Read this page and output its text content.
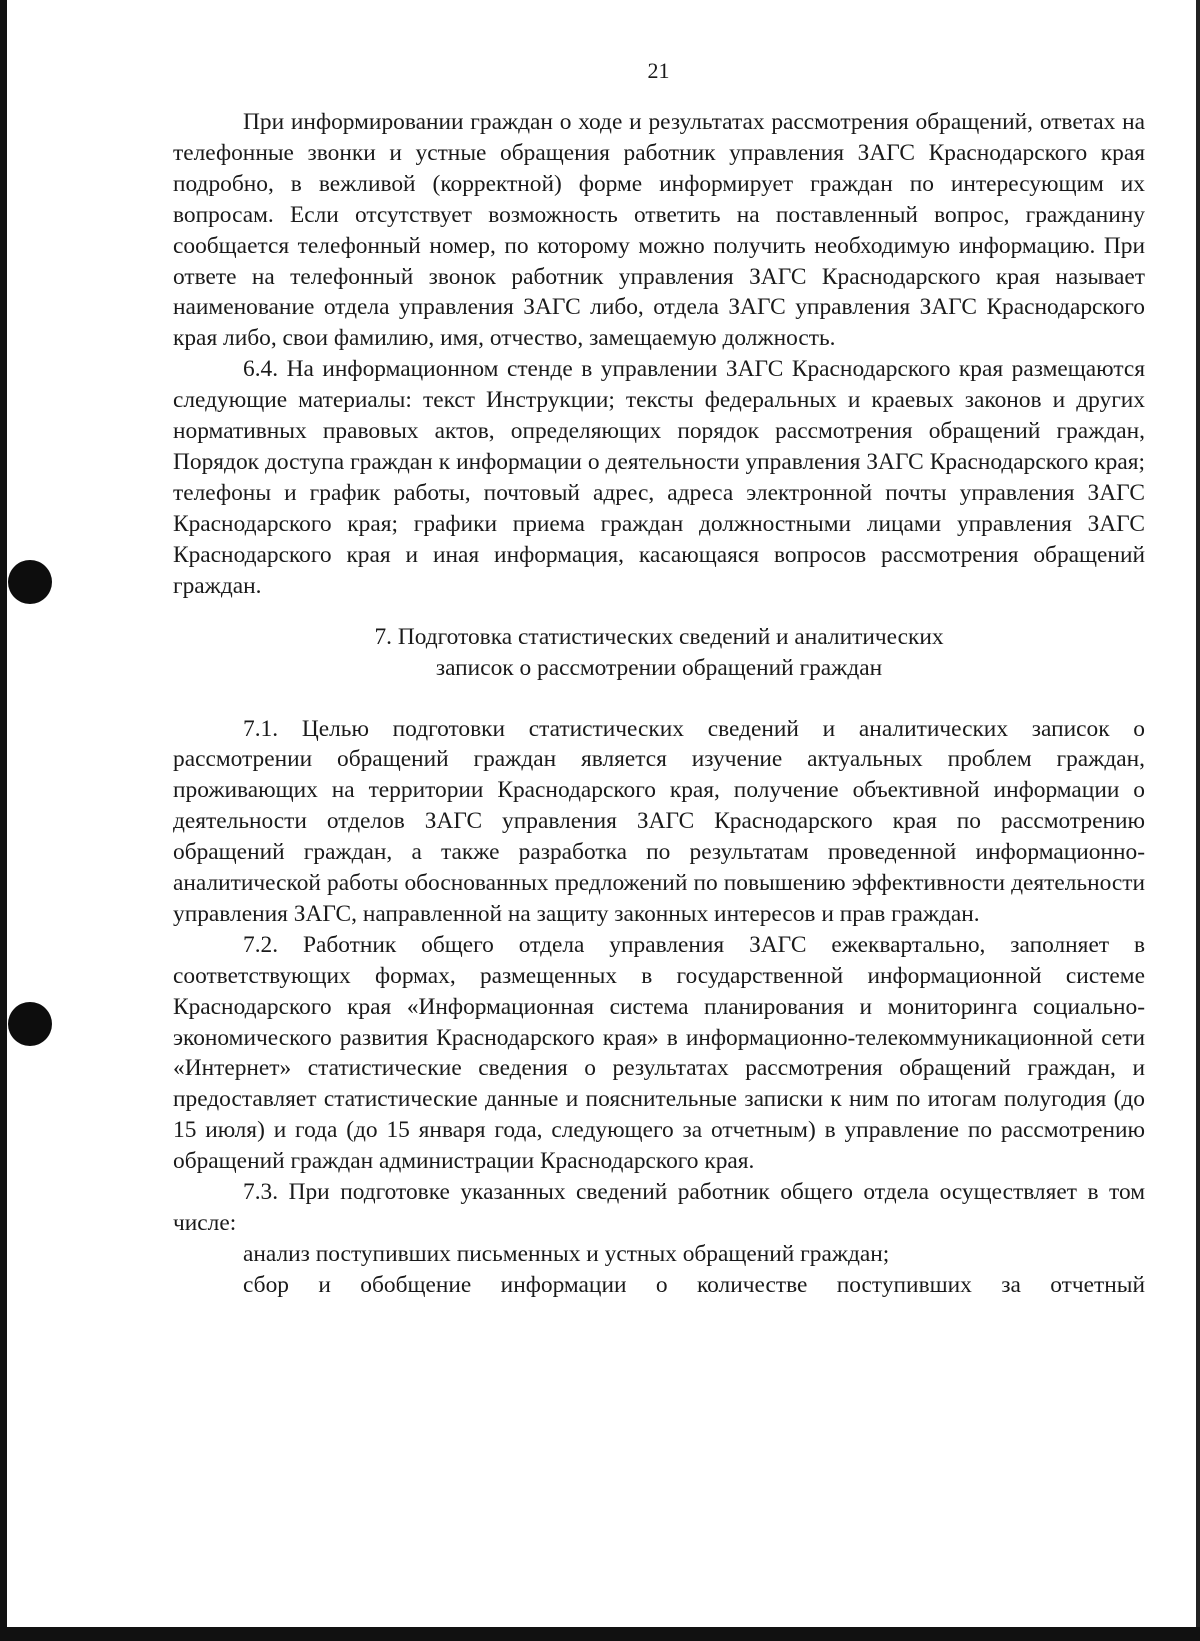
21

При информировании граждан о ходе и результатах рассмотрения обращений, ответах на телефонные звонки и устные обращения работник управления ЗАГС Краснодарского края подробно, в вежливой (корректной) форме информирует граждан по интересующим их вопросам. Если отсутствует возможность ответить на поставленный вопрос, гражданину сообщается телефонный номер, по которому можно получить необходимую информацию. При ответе на телефонный звонок работник управления ЗАГС Краснодарского края называет наименование отдела управления ЗАГС либо, отдела ЗАГС управления ЗАГС Краснодарского края либо, свои фамилию, имя, отчество, замещаемую должность.

6.4. На информационном стенде в управлении ЗАГС Краснодарского края размещаются следующие материалы: текст Инструкции; тексты федеральных и краевых законов и других нормативных правовых актов, определяющих порядок рассмотрения обращений граждан, Порядок доступа граждан к информации о деятельности управления ЗАГС Краснодарского края; телефоны и график работы, почтовый адрес, адреса электронной почты управления ЗАГС Краснодарского края; графики приема граждан должностными лицами управления ЗАГС Краснодарского края и иная информация, касающаяся вопросов рассмотрения обращений граждан.

7. Подготовка статистических сведений и аналитических
записок о рассмотрении обращений граждан

7.1. Целью подготовки статистических сведений и аналитических записок о рассмотрении обращений граждан является изучение актуальных проблем граждан, проживающих на территории Краснодарского края, получение объективной информации о деятельности отделов ЗАГС управления ЗАГС Краснодарского края по рассмотрению обращений граждан, а также разработка по результатам проведенной информационно-аналитической работы обоснованных предложений по повышению эффективности деятельности управления ЗАГС, направленной на защиту законных интересов и прав граждан.

7.2. Работник общего отдела управления ЗАГС ежеквартально, заполняет в соответствующих формах, размещенных в государственной информационной системе Краснодарского края «Информационная система планирования и мониторинга социально-экономического развития Краснодарского края» в информационно-телекоммуникационной сети «Интернет» статистические сведения о результатах рассмотрения обращений граждан, и предоставляет статистические данные и пояснительные записки к ним по итогам полугодия (до 15 июля) и года (до 15 января года, следующего за отчетным) в управление по рассмотрению обращений граждан администрации Краснодарского края.

7.3. При подготовке указанных сведений работник общего отдела осуществляет в том числе:

анализ поступивших письменных и устных обращений граждан;

сбор и обобщение информации о количестве поступивших за отчетный
